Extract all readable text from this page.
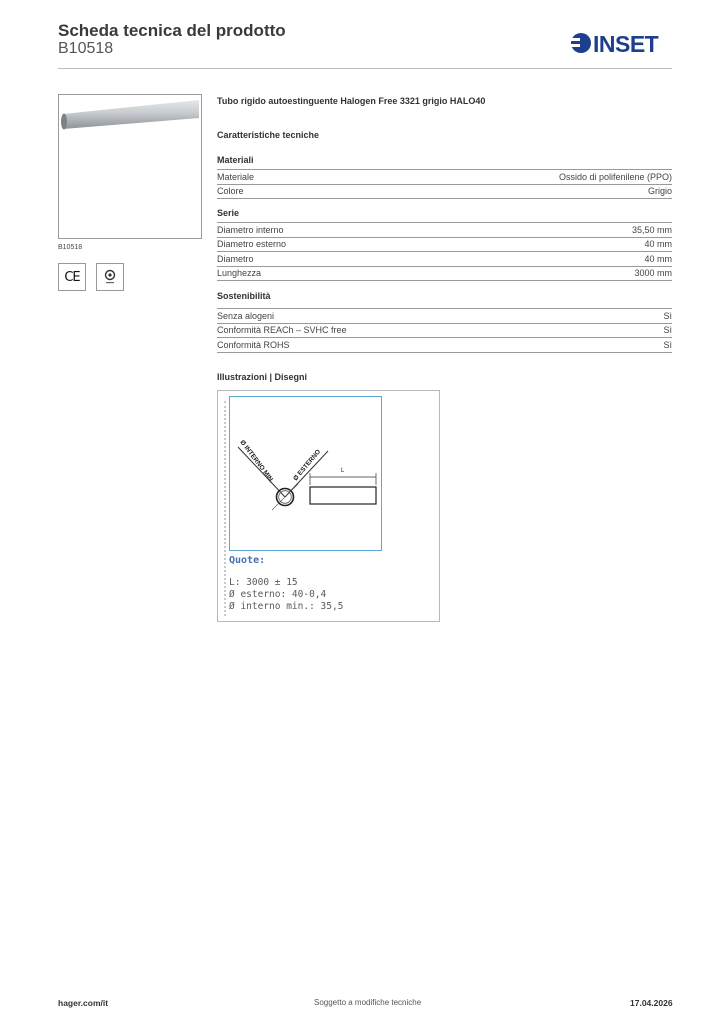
Scheda tecnica del prodotto
B10518	INSET
B10518
CE
Tubo rigido autoestinguente Halogen Free 3321 grigio HALO40
Caratteristiche tecniche
Materiali
Materiale	Ossido di polifenilene (PPO)
Colore	Grigio
Serie
Diametro interno	35,50 mm
Diametro esterno	40 mm
Diametro	40 mm
Lunghezza	3000 mm
Sostenibilità
Senza alogeni	Sì
Conformità REACh – SVHC free	Sì
Conformità ROHS	Sì
Illustrazioni | Disegni
L
Ø INTERNO MIN.	Ø ESTERNO
Quote:
L: 3000 ± 15
Ø esterno: 40-0,4
Ø interno min.: 35,5
hager.com/it	Soggetto a modifiche tecniche	17.04.2026
